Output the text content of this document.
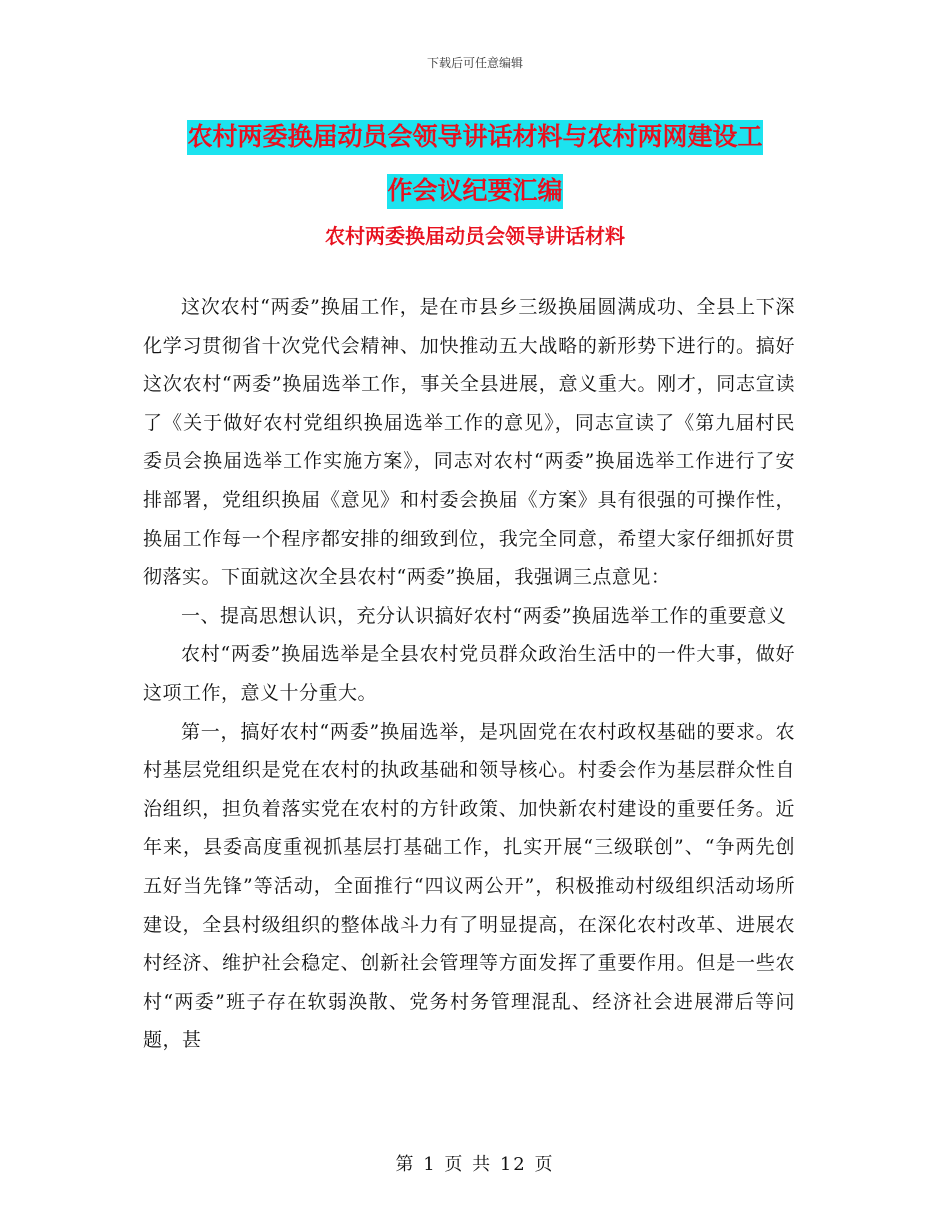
下载后可任意编辑
农村两委换届动员会领导讲话材料与农村两网建设工
作会议纪要汇编
农村两委换届动员会领导讲话材料

这次农村“两委”换届工作，是在市县乡三级换届圆满成功、全县上下深化学习贯彻省十次党代会精神、加快推动五大战略的新形势下进行的。搞好这次农村“两委”换届选举工作，事关全县进展，意义重大。刚才，同志宣读了《关于做好农村党组织换届选举工作的意见》，同志宣读了《第九届村民委员会换届选举工作实施方案》，同志对农村“两委”换届选举工作进行了安排部署，党组织换届《意见》和村委会换届《方案》具有很强的可操作性，换届工作每一个程序都安排的细致到位，我完全同意，希望大家仔细抓好贯彻落实。下面就这次全县农村“两委”换届，我强调三点意见：

一、提高思想认识，充分认识搞好农村“两委”换届选举工作的重要意义

农村“两委”换届选举是全县农村党员群众政治生活中的一件大事，做好这项工作，意义十分重大。

第一，搞好农村“两委”换届选举，是巩固党在农村政权基础的要求。农村基层党组织是党在农村的执政基础和领导核心。村委会作为基层群众性自治组织，担负着落实党在农村的方针政策、加快新农村建设的重要任务。近年来，县委高度重视抓基层打基础工作，扎实开展“三级联创”、“争两先创五好当先锋”等活动，全面推行“四议两公开”，积极推动村级组织活动场所建设，全县村级组织的整体战斗力有了明显提高，在深化农村改革、进展农村经济、维护社会稳定、创新社会管理等方面发挥了重要作用。但是一些农村“两委”班子存在软弱涣散、党务村务管理混乱、经济社会进展滞后等问题，甚

第 1 页 共 12 页
